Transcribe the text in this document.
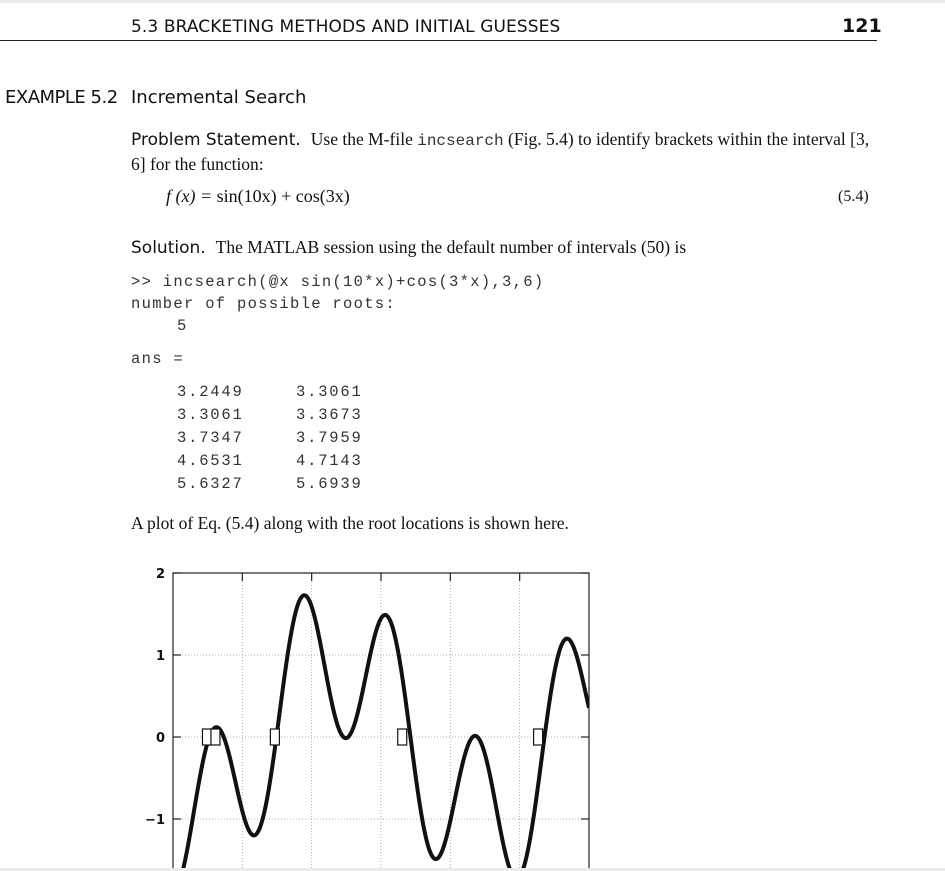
5.3 BRACKETING METHODS AND INITIAL GUESSES	121
EXAMPLE 5.2 Incremental Search
Problem Statement. Use the M-file incsearch (Fig. 5.4) to identify brackets within the interval [3, 6] for the function:
f (x) = sin(10x) + cos(3x)	(5.4)
Solution. The MATLAB session using the default number of intervals (50) is
>> incsearch(@x sin(10*x)+cos(3*x),3,6)
number of possible roots:
5
ans =
3.2449	3.3061
3.3061	3.3673
3.7347	3.7959
4.6531	4.7143
5.6327	5.6939
A plot of Eq. (5.4) along with the root locations is shown here.
2
1
0
−1
